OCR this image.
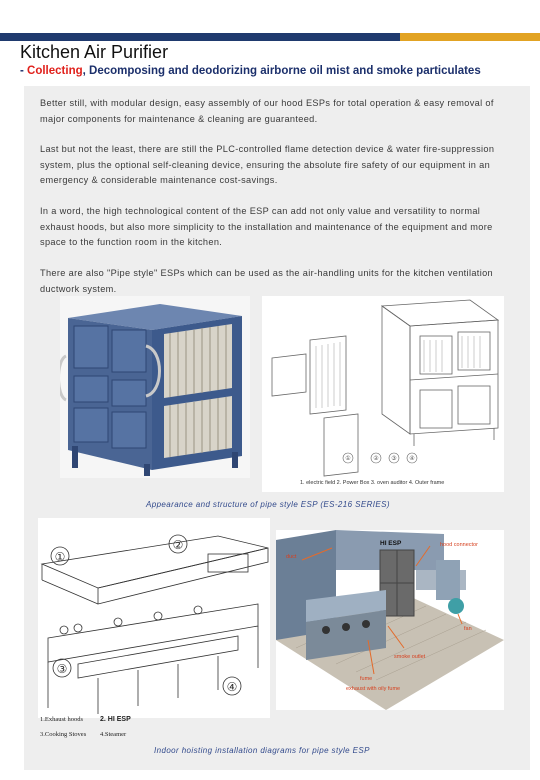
Kitchen Air Purifier
- Collecting, Decomposing and deodorizing airborne oil mist and smoke particulates

Better still, with modular design, easy assembly of our hood ESPs for total operation & easy removal of major components for maintenance & cleaning are guaranteed.

Last but not the least, there are still the PLC-controlled flame detection device & water fire-suppression system, plus the optional self-cleaning device, ensuring the absolute fire safety of our equipment in an emergency & considerable maintenance cost-savings.

In a word, the high technological content of the ESP can add not only value and versatility to normal exhaust hoods, but also more simplicity to the installation and maintenance of the equipment and more space to the function room in the kitchen.

There are also "Pipe style" ESPs which can be used as the air-handling units for the kitchen ventilation ductwork system.

①	② ③ ④
1. electric field 2. Power Box 3. oven auditor 4. Outer frame
Appearance and structure of pipe style ESP (ES-216 SERIES)
①
②
③
④
duct
HI ESP	hood connector
fan
smoke outlet
fume
exhaust with oily fume
1.Exhaust hoods 2. HI ESP
3.Cooking Stoves 4.Steamer
Indoor hoisting installation diagrams for pipe style ESP
